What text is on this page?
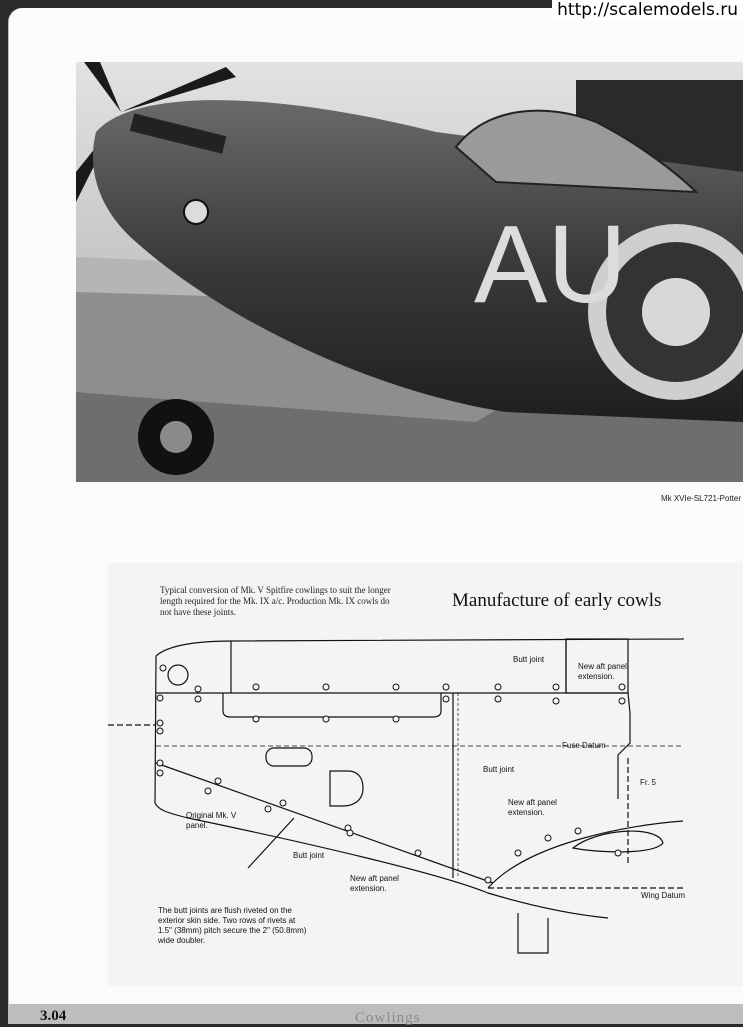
http://scalemodels.ru
AU
Mk XVIe-SL721-Potter
Typical conversion of Mk. V Spitfire cowlings to suit the longer length required for the Mk. IX a/c. Production Mk. IX cowls do not have these joints.
Manufacture of early cowls
Butt joint
New aft panel extension.
Fuse Datum
Butt joint
Fr. 5
New aft panel extension.
Original Mk. V panel.
Butt joint
New aft panel extension.
Wing Datum
The butt joints are flush riveted on the exterior skin side. Two rows of rivets at 1.5" (38mm) pitch secure the 2" (50.8mm) wide doubler.
3.04	Cowlings
